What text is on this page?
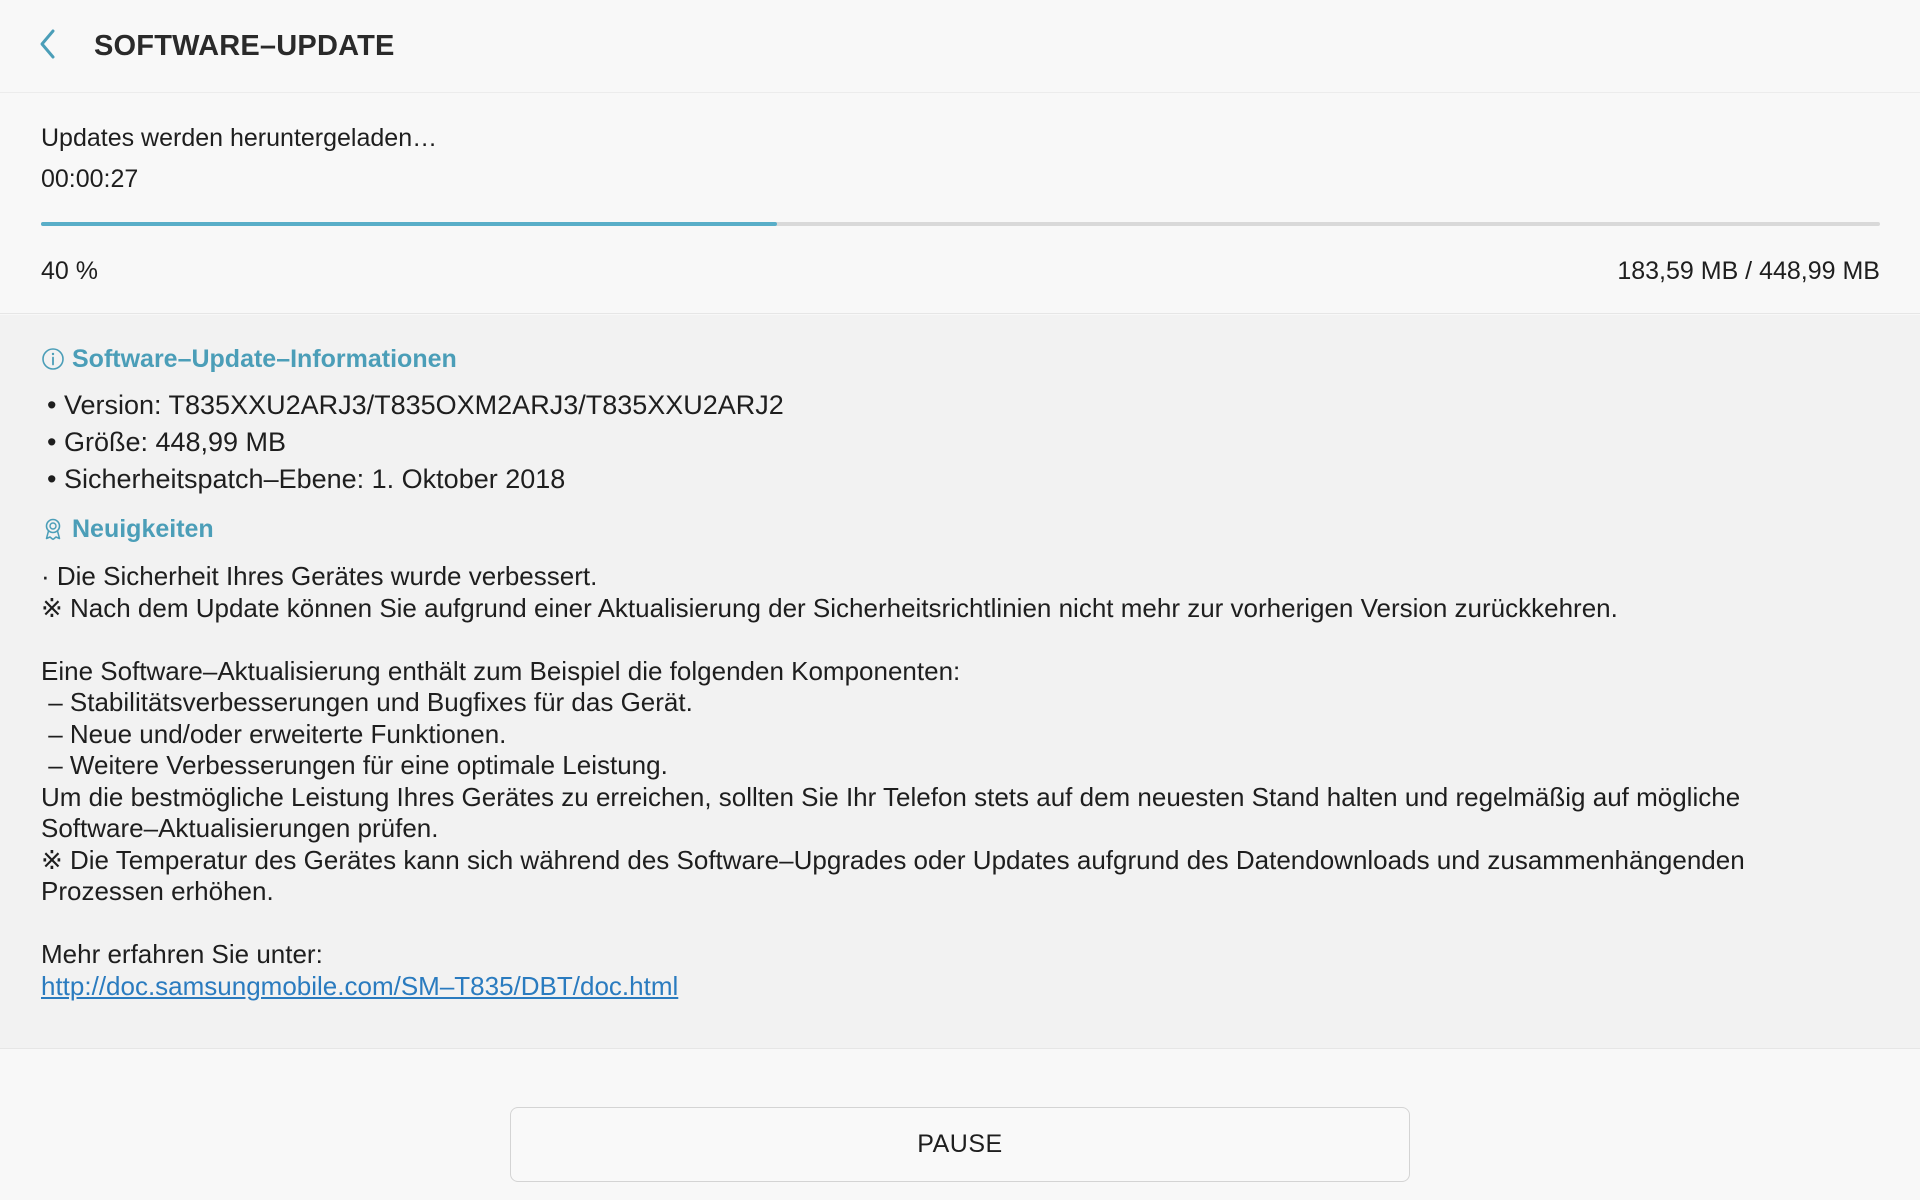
SOFTWARE–UPDATE
Updates werden heruntergeladen…
00:00:27
40 %	183,59 MB / 448,99 MB
Software–Update–Informationen
• Version: T835XXU2ARJ3/T835OXM2ARJ3/T835XXU2ARJ2
• Größe: 448,99 MB
• Sicherheitspatch–Ebene: 1. Oktober 2018
Neuigkeiten
· Die Sicherheit Ihres Gerätes wurde verbessert.
※ Nach dem Update können Sie aufgrund einer Aktualisierung der Sicherheitsrichtlinien nicht mehr zur vorherigen Version zurückkehren.
Eine Software–Aktualisierung enthält zum Beispiel die folgenden Komponenten:
– Stabilitätsverbesserungen und Bugfixes für das Gerät.
– Neue und/oder erweiterte Funktionen.
– Weitere Verbesserungen für eine optimale Leistung.
Um die bestmögliche Leistung Ihres Gerätes zu erreichen, sollten Sie Ihr Telefon stets auf dem neuesten Stand halten und regelmäßig auf mögliche
Software–Aktualisierungen prüfen.
※ Die Temperatur des Gerätes kann sich während des Software–Upgrades oder Updates aufgrund des Datendownloads und zusammenhängenden
Prozessen erhöhen.
Mehr erfahren Sie unter:
http://doc.samsungmobile.com/SM–T835/DBT/doc.html
PAUSE
